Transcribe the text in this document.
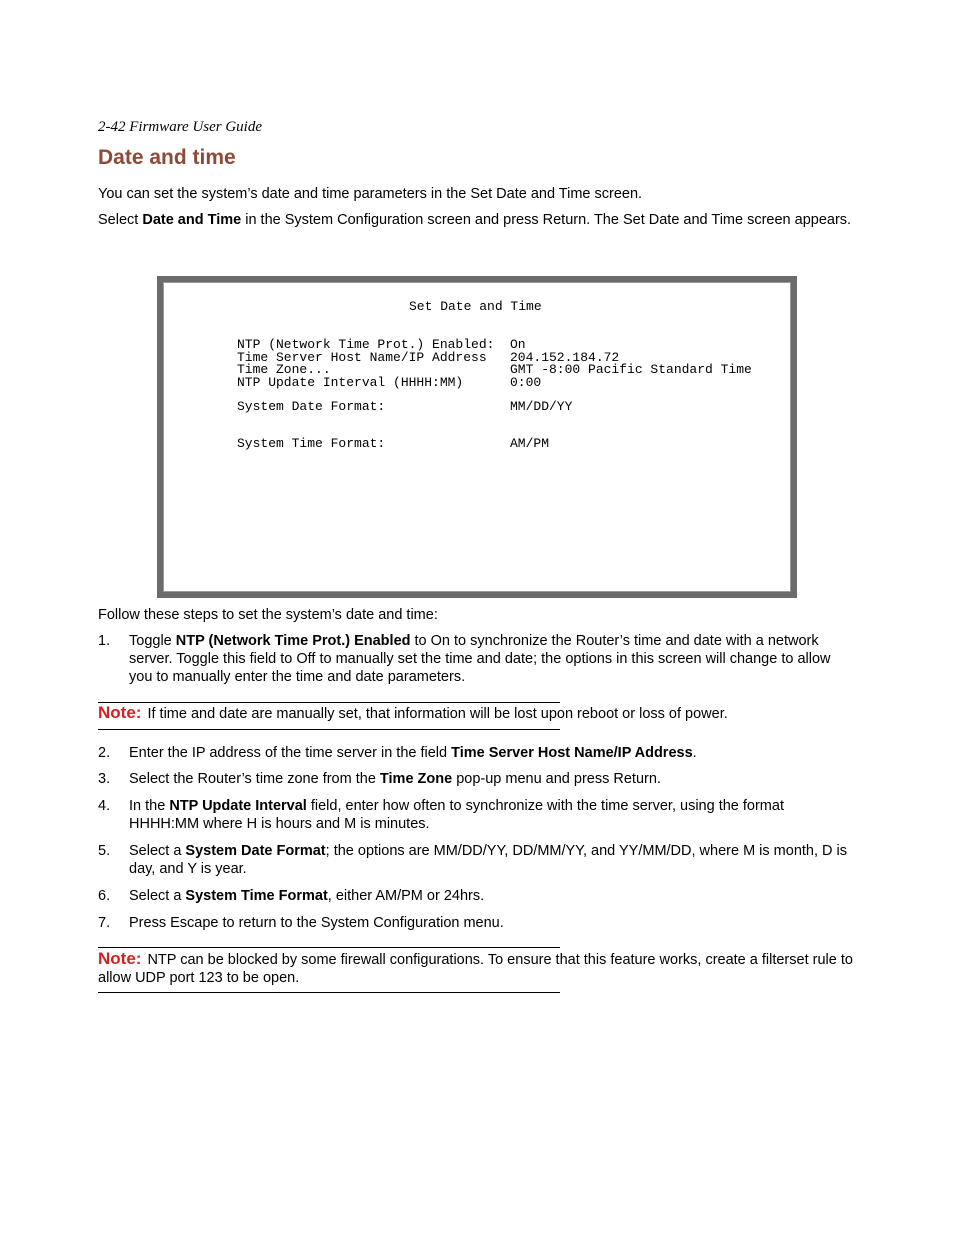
2-42 Firmware User Guide
Date and time

You can set the system’s date and time parameters in the Set Date and Time screen.

Select Date and Time in the System Configuration screen and press Return. The Set Date and Time screen appears.

Set Date and Time
NTP (Network Time Prot.) Enabled: On
Time Server Host Name/IP Address 204.152.184.72
Time Zone...	GMT -8:00 Pacific Standard Time
NTP Update Interval (HHHH:MM)	0:00
System Date Format:	MM/DD/YY
System Time Format:	AM/PM

Follow these steps to set the system’s date and time:

1.	Toggle NTP (Network Time Prot.) Enabled to On to synchronize the Router’s time and date with a network server. Toggle this field to Off to manually set the time and date; the options in this screen will change to allow you to manually enter the time and date parameters.
Note: If time and date are manually set, that information will be lost upon reboot or loss of power.
2.	Enter the IP address of the time server in the field Time Server Host Name/IP Address.
3.	Select the Router’s time zone from the Time Zone pop-up menu and press Return.
4.	In the NTP Update Interval field, enter how often to synchronize with the time server, using the format HHHH:MM where H is hours and M is minutes.
5.	Select a System Date Format; the options are MM/DD/YY, DD/MM/YY, and YY/MM/DD, where M is month, D is day, and Y is year.
6.	Select a System Time Format, either AM/PM or 24hrs.
7.	Press Escape to return to the System Configuration menu.
Note: NTP can be blocked by some firewall configurations. To ensure that this feature works, create a filterset rule to allow UDP port 123 to be open.
